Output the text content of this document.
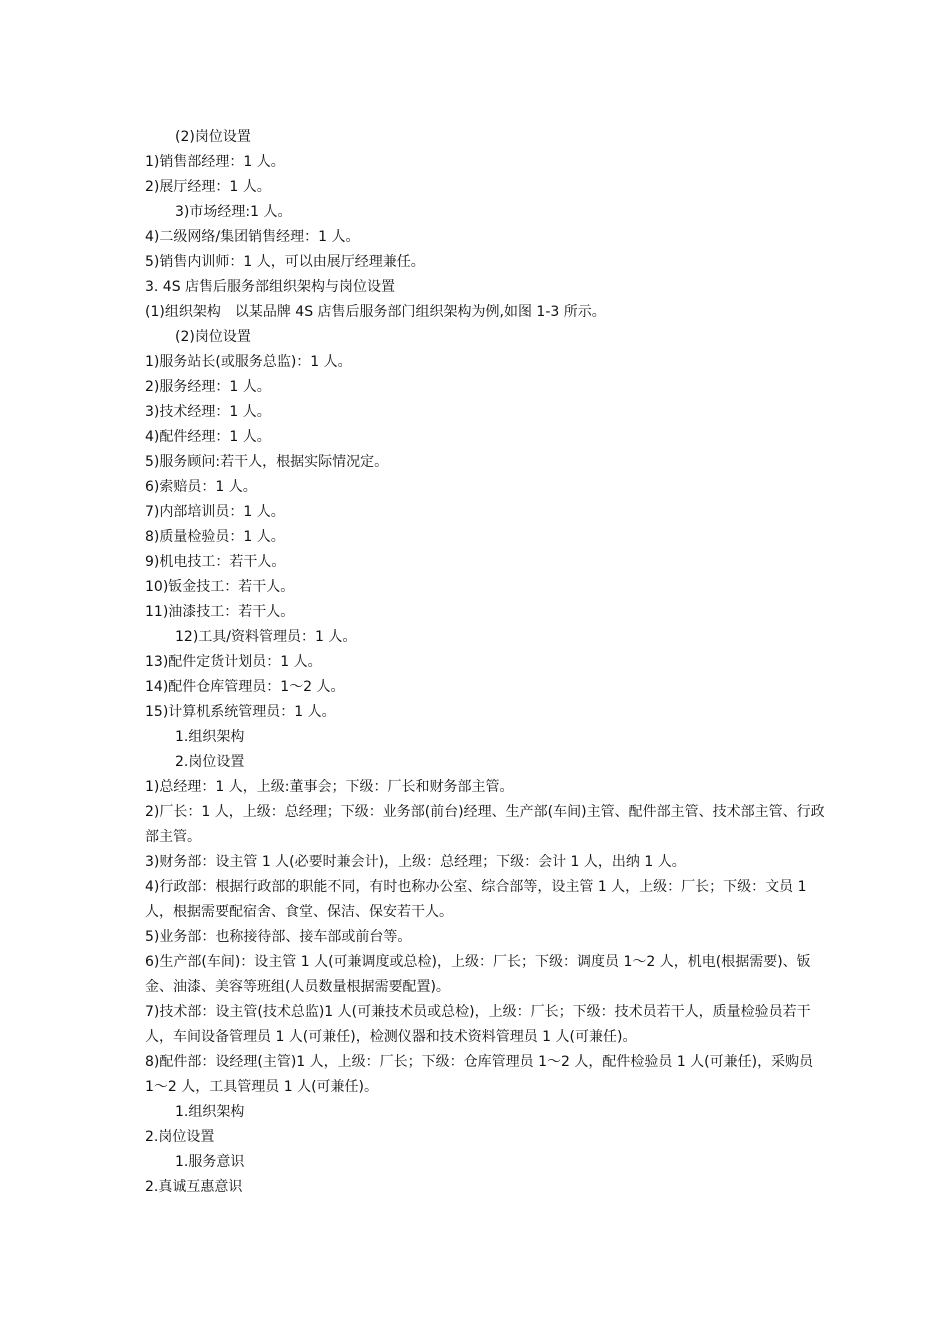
(2)岗位设置

1)销售部经理：1 人。

2)展厅经理：1 人。

3)市场经理:1 人。

4)二级网络/集团销售经理：1 人。

5)销售内训师：1 人，可以由展厅经理兼任。

3. 4S 店售后服务部组织架构与岗位设置

(1)组织架构　以某品牌 4S 店售后服务部门组织架构为例,如图 1-3 所示。

(2)岗位设置

1)服务站长(或服务总监)：1 人。

2)服务经理：1 人。

3)技术经理：1 人。

4)配件经理：1 人。

5)服务顾问:若干人，根据实际情况定。

6)索赔员：1 人。

7)内部培训员：1 人。

8)质量检验员：1 人。

9)机电技工：若干人。

10)钣金技工：若干人。

11)油漆技工：若干人。

12)工具/资料管理员：1 人。

13)配件定货计划员：1 人。

14)配件仓库管理员：1～2 人。

15)计算机系统管理员：1 人。

1.组织架构

2.岗位设置

1)总经理：1 人，上级:董事会；下级：厂长和财务部主管。

2)厂长：1 人，上级：总经理；下级：业务部(前台)经理、生产部(车间)主管、配件部主管、技术部主管、行政部主管。

3)财务部：设主管 1 人(必要时兼会计)，上级：总经理；下级：会计 1 人，出纳 1 人。

4)行政部：根据行政部的职能不同，有时也称办公室、综合部等，设主管 1 人，上级：厂长；下级：文员 1 人，根据需要配宿舍、食堂、保洁、保安若干人。

5)业务部：也称接待部、接车部或前台等。

6)生产部(车间)：设主管 1 人(可兼调度或总检)，上级：厂长；下级：调度员 1～2 人，机电(根据需要)、钣金、油漆、美容等班组(人员数量根据需要配置)。

7)技术部：设主管(技术总监)1 人(可兼技术员或总检)，上级：厂长；下级：技术员若干人，质量检验员若干人，车间设备管理员 1 人(可兼任)，检测仪器和技术资料管理员 1 人(可兼任)。

8)配件部：设经理(主管)1 人，上级：厂长；下级：仓库管理员 1～2 人，配件检验员 1 人(可兼任)，采购员 1～2 人，工具管理员 1 人(可兼任)。

1.组织架构

2.岗位设置

1.服务意识

2.真诚互惠意识
